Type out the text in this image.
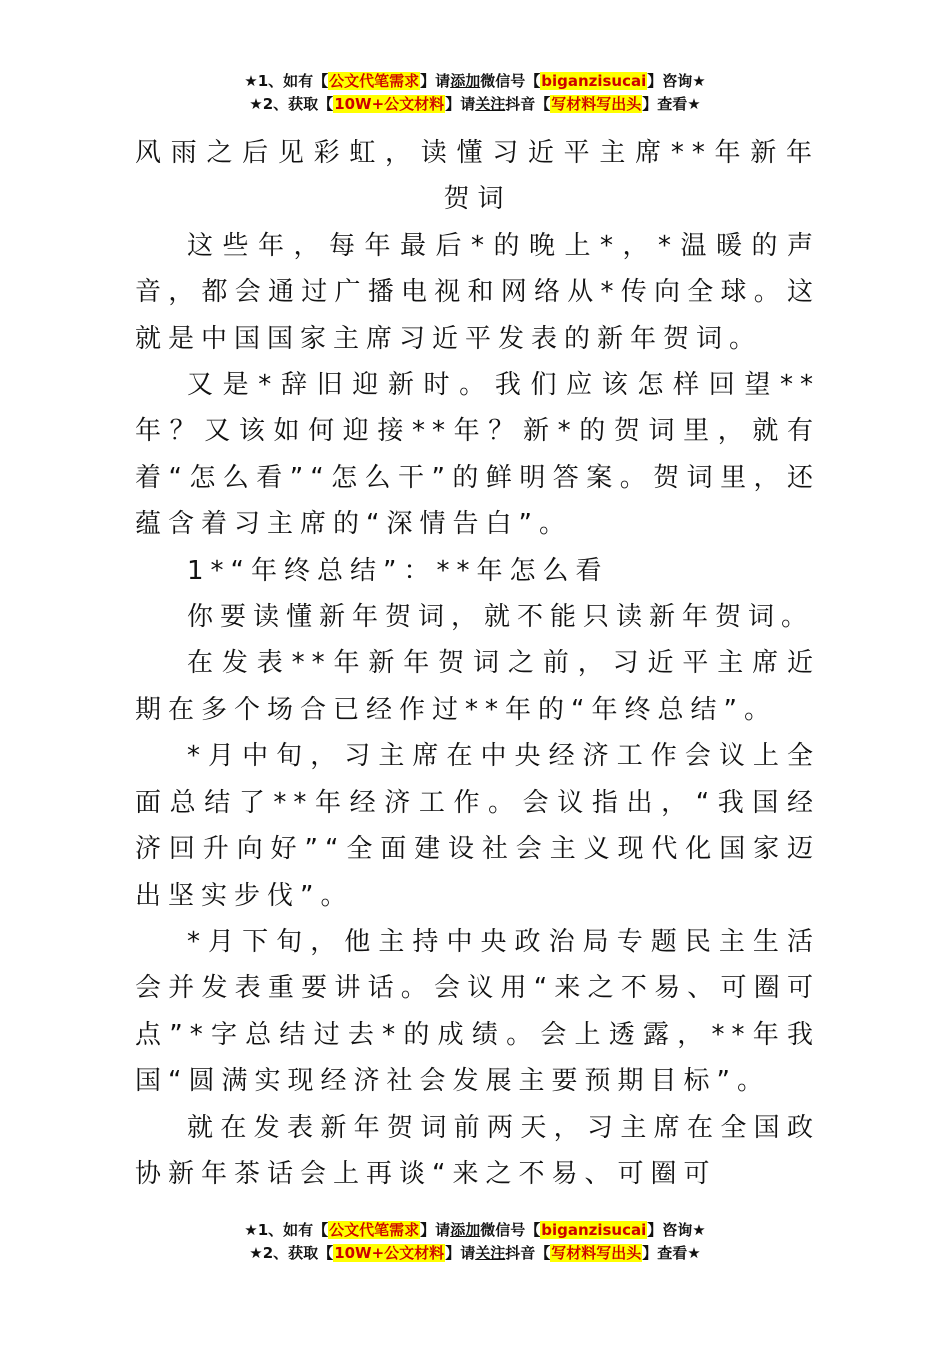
★1、如有【公文代笔需求】请添加微信号【biganzisucai】咨询★
★2、获取【10W+公文材料】请关注抖音【写材料写出头】查看★
风雨之后见彩虹，读懂习近平主席**年新年贺词

这些年，每年最后*的晚上*，*温暖的声音，都会通过广播电视和网络从*传向全球。这就是中国国家主席习近平发表的新年贺词。

又是*辞旧迎新时。我们应该怎样回望**年？又该如何迎接**年？新*的贺词里，就有着“怎么看”“怎么干”的鲜明答案。贺词里，还蕴含着习主席的“深情告白”。

1*“年终总结”：**年怎么看

你要读懂新年贺词，就不能只读新年贺词。

在发表**年新年贺词之前，习近平主席近期在多个场合已经作过**年的“年终总结”。

*月中旬，习主席在中央经济工作会议上全面总结了**年经济工作。会议指出，“我国经济回升向好”“全面建设社会主义现代化国家迈出坚实步伐”。

*月下旬，他主持中央政治局专题民主生活会并发表重要讲话。会议用“来之不易、可圈可点”*字总结过去*的成绩。会上透露，**年我国“圆满实现经济社会发展主要预期目标”。

就在发表新年贺词前两天，习主席在全国政协新年茶话会上再谈“来之不易、可圈可

★1、如有【公文代笔需求】请添加微信号【biganzisucai】咨询★
★2、获取【10W+公文材料】请关注抖音【写材料写出头】查看★
